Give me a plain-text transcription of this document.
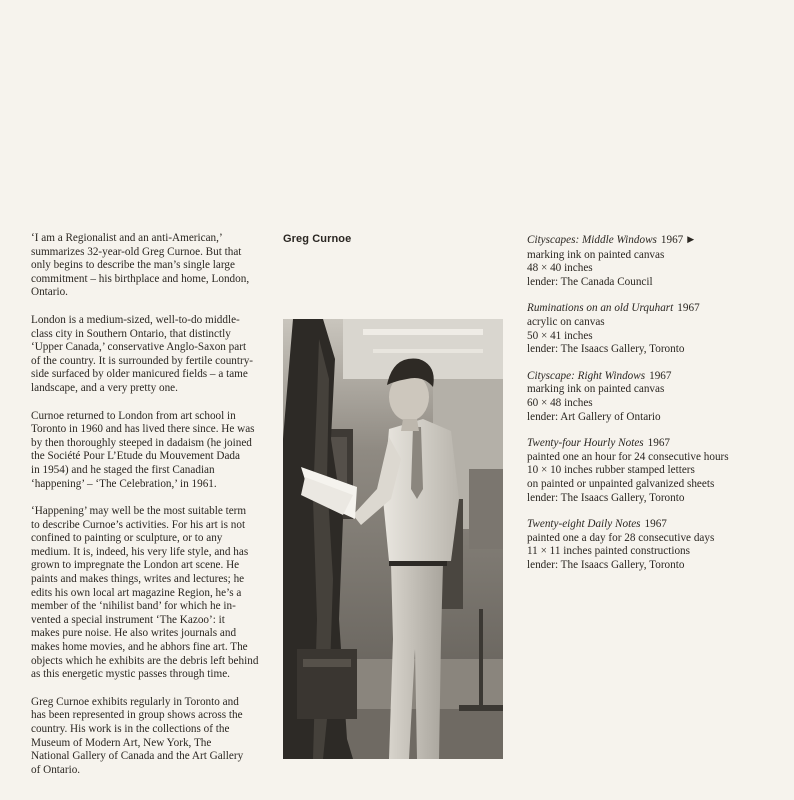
‘I am a Regionalist and an anti-American,’
summarizes 32-year-old Greg Curnoe. But that
only begins to describe the man’s single large
commitment – his birthplace and home, London,
Ontario.

London is a medium-sized, well-to-do middle-
class city in Southern Ontario, that distinctly
‘Upper Canada,’ conservative Anglo-Saxon part
of the country. It is surrounded by fertile country-
side surfaced by older manicured fields – a tame
landscape, and a very pretty one.

Curnoe returned to London from art school in
Toronto in 1960 and has lived there since. He was
by then thoroughly steeped in dadaism (he joined
the Société Pour L’Etude du Mouvement Dada
in 1954) and he staged the first Canadian
‘happening’ – ‘The Celebration,’ in 1961.

‘Happening’ may well be the most suitable term
to describe Curnoe’s activities. For his art is not
confined to painting or sculpture, or to any
medium. It is, indeed, his very life style, and has
grown to impregnate the London art scene. He
paints and makes things, writes and lectures; he
edits his own local art magazine Region, he’s a
member of the ‘nihilist band’ for which he in-
vented a special instrument ‘The Kazoo’: it
makes pure noise. He also writes journals and
makes home movies, and he abhors fine art. The
objects which he exhibits are the debris left behind
as this energetic mystic passes through time.

Greg Curnoe exhibits regularly in Toronto and
has been represented in group shows across the
country. His work is in the collections of the
Museum of Modern Art, New York, The
National Gallery of Canada and the Art Gallery
of Ontario.

Greg Curnoe	Cityscapes: Middle Windows 1967 ▶
marking ink on painted canvas
48 × 40 inches
lender: The Canada Council
Ruminations on an old Urquhart 1967
acrylic on canvas
50 × 41 inches
lender: The Isaacs Gallery, Toronto
Cityscape: Right Windows 1967
marking ink on painted canvas
60 × 48 inches
lender: Art Gallery of Ontario
Twenty-four Hourly Notes 1967
painted one an hour for 24 consecutive hours
10 × 10 inches rubber stamped letters
on painted or unpainted galvanized sheets
lender: The Isaacs Gallery, Toronto
Twenty-eight Daily Notes 1967
painted one a day for 28 consecutive days
11 × 11 inches painted constructions
lender: The Isaacs Gallery, Toronto
